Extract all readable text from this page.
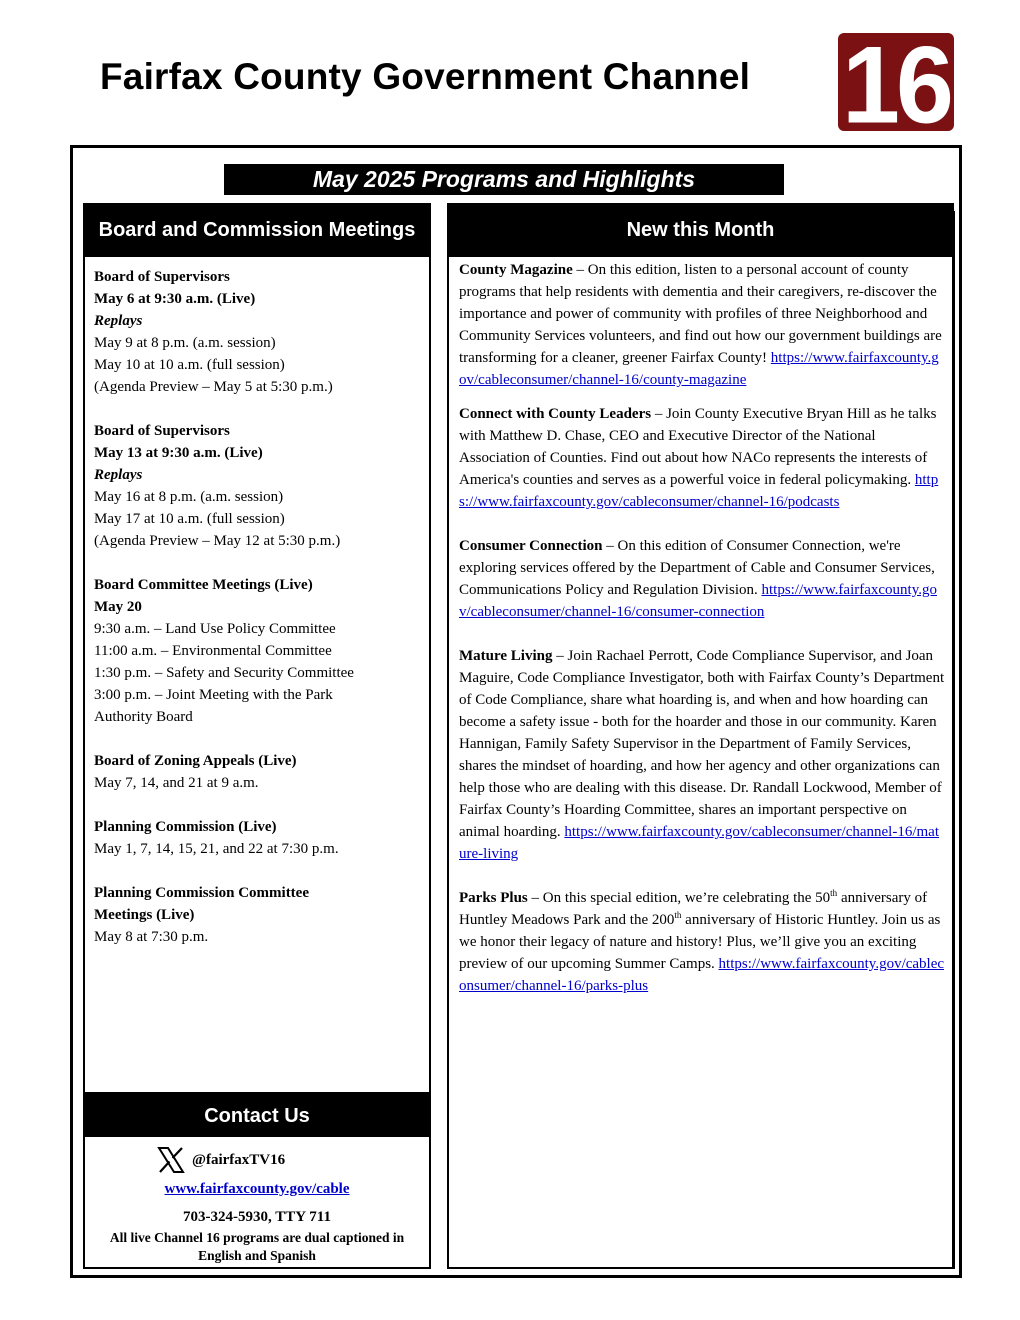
Fairfax County Government Channel 16
May 2025 Programs and Highlights
Board and Commission Meetings
Board of Supervisors
May 6 at 9:30 a.m. (Live)
Replays
May 9 at 8 p.m. (a.m. session)
May 10 at 10 a.m. (full session)
(Agenda Preview – May 5 at 5:30 p.m.)
Board of Supervisors
May 13 at 9:30 a.m. (Live)
Replays
May 16 at 8 p.m. (a.m. session)
May 17 at 10 a.m. (full session)
(Agenda Preview – May 12 at 5:30 p.m.)
Board Committee Meetings (Live)
May 20
9:30 a.m. – Land Use Policy Committee
11:00 a.m. – Environmental Committee
1:30 p.m. – Safety and Security Committee
3:00 p.m. – Joint Meeting with the Park
Authority Board
Board of Zoning Appeals (Live)
May 7, 14, and 21 at 9 a.m.
Planning Commission (Live)
May 1, 7, 14, 15, 21, and 22 at 7:30 p.m.
Planning Commission Committee
Meetings (Live)
May 8 at 7:30 p.m.
Contact Us
@fairfaxTV16
www.fairfaxcounty.gov/cable
703-324-5930, TTY 711
All live Channel 16 programs are dual captioned in English and Spanish
New this Month
County Magazine – On this edition, listen to a personal account of county programs that help residents with dementia and their caregivers, re-discover the importance and power of community with profiles of three Neighborhood and Community Services volunteers, and find out how our government buildings are transforming for a cleaner, greener Fairfax County! https://www.fairfaxcounty.gov/cableconsumer/channel-16/county-magazine
Connect with County Leaders – Join County Executive Bryan Hill as he talks with Matthew D. Chase, CEO and Executive Director of the National Association of Counties. Find out about how NACo represents the interests of America's counties and serves as a powerful voice in federal policymaking. https://www.fairfaxcounty.gov/cableconsumer/channel-16/podcasts
Consumer Connection – On this edition of Consumer Connection, we're exploring services offered by the Department of Cable and Consumer Services, Communications Policy and Regulation Division. https://www.fairfaxcounty.gov/cableconsumer/channel-16/consumer-connection
Mature Living – Join Rachael Perrott, Code Compliance Supervisor, and Joan Maguire, Code Compliance Investigator, both with Fairfax County’s Department of Code Compliance, share what hoarding is, and when and how hoarding can become a safety issue - both for the hoarder and those in our community. Karen Hannigan, Family Safety Supervisor in the Department of Family Services, shares the mindset of hoarding, and how her agency and other organizations can help those who are dealing with this disease. Dr. Randall Lockwood, Member of Fairfax County’s Hoarding Committee, shares an important perspective on animal hoarding. https://www.fairfaxcounty.gov/cableconsumer/channel-16/mature-living
Parks Plus – On this special edition, we’re celebrating the 50th anniversary of Huntley Meadows Park and the 200th anniversary of Historic Huntley. Join us as we honor their legacy of nature and history! Plus, we’ll give you an exciting preview of our upcoming Summer Camps. https://www.fairfaxcounty.gov/cableconsumer/channel-16/parks-plus
